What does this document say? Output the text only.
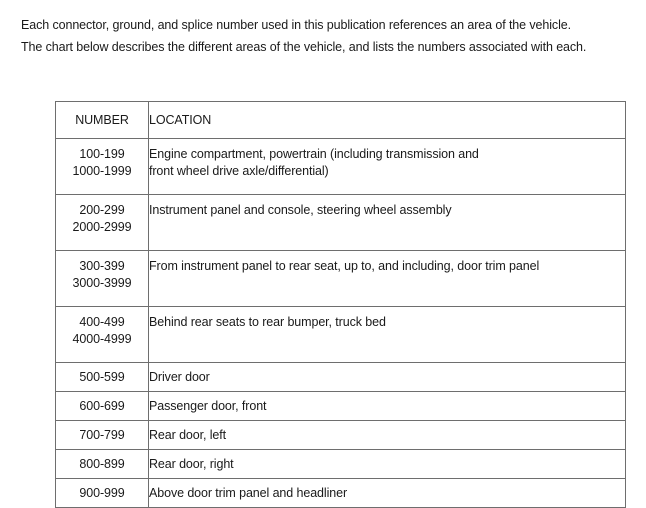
Each connector, ground, and splice number used in this publication references an area of the vehicle.

The chart below describes the different areas of the vehicle, and lists the numbers associated with each.

NUMBER	LOCATION

100-199
1000-1999	Engine compartment, powertrain (including transmission and
front wheel drive axle/differential)

200-299
2000-2999	Instrument panel and console, steering wheel assembly

300-399
3000-3999	From instrument panel to rear seat, up to, and including, door trim panel

400-499
4000-4999	Behind rear seats to rear bumper, truck bed

500-599	Driver door
600-699	Passenger door, front
700-799	Rear door, left
800-899	Rear door, right
900-999	Above door trim panel and headliner
